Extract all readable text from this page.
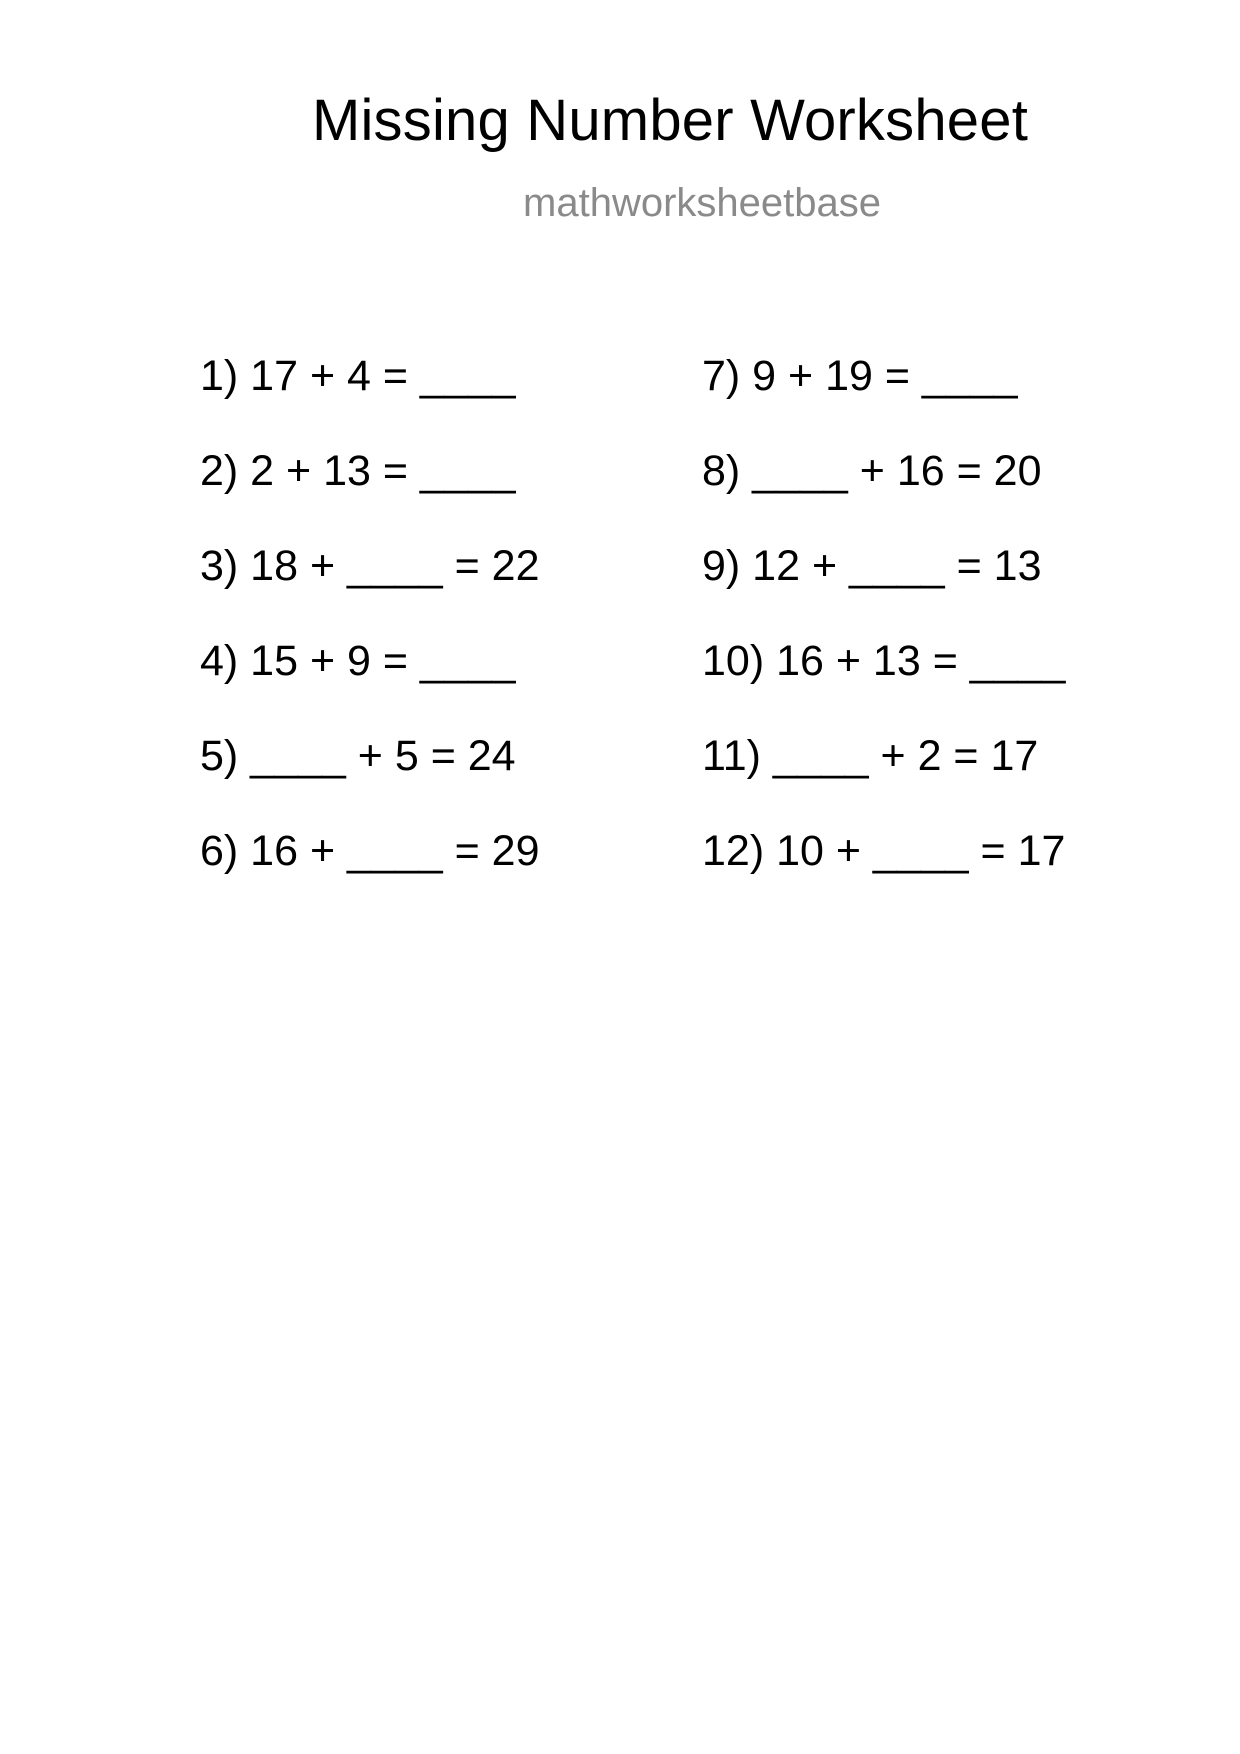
Missing Number Worksheet
mathworksheetbase
1) 17 + 4 = ____
2) 2 + 13 = ____
3) 18 + ____ = 22
4) 15 + 9 = ____
5) ____ + 5 = 24
6) 16 + ____ = 29
7) 9 + 19 = ____
8) ____ + 16 = 20
9) 12 + ____ = 13
10) 16 + 13 = ____
11) ____ + 2 = 17
12) 10 + ____ = 17
